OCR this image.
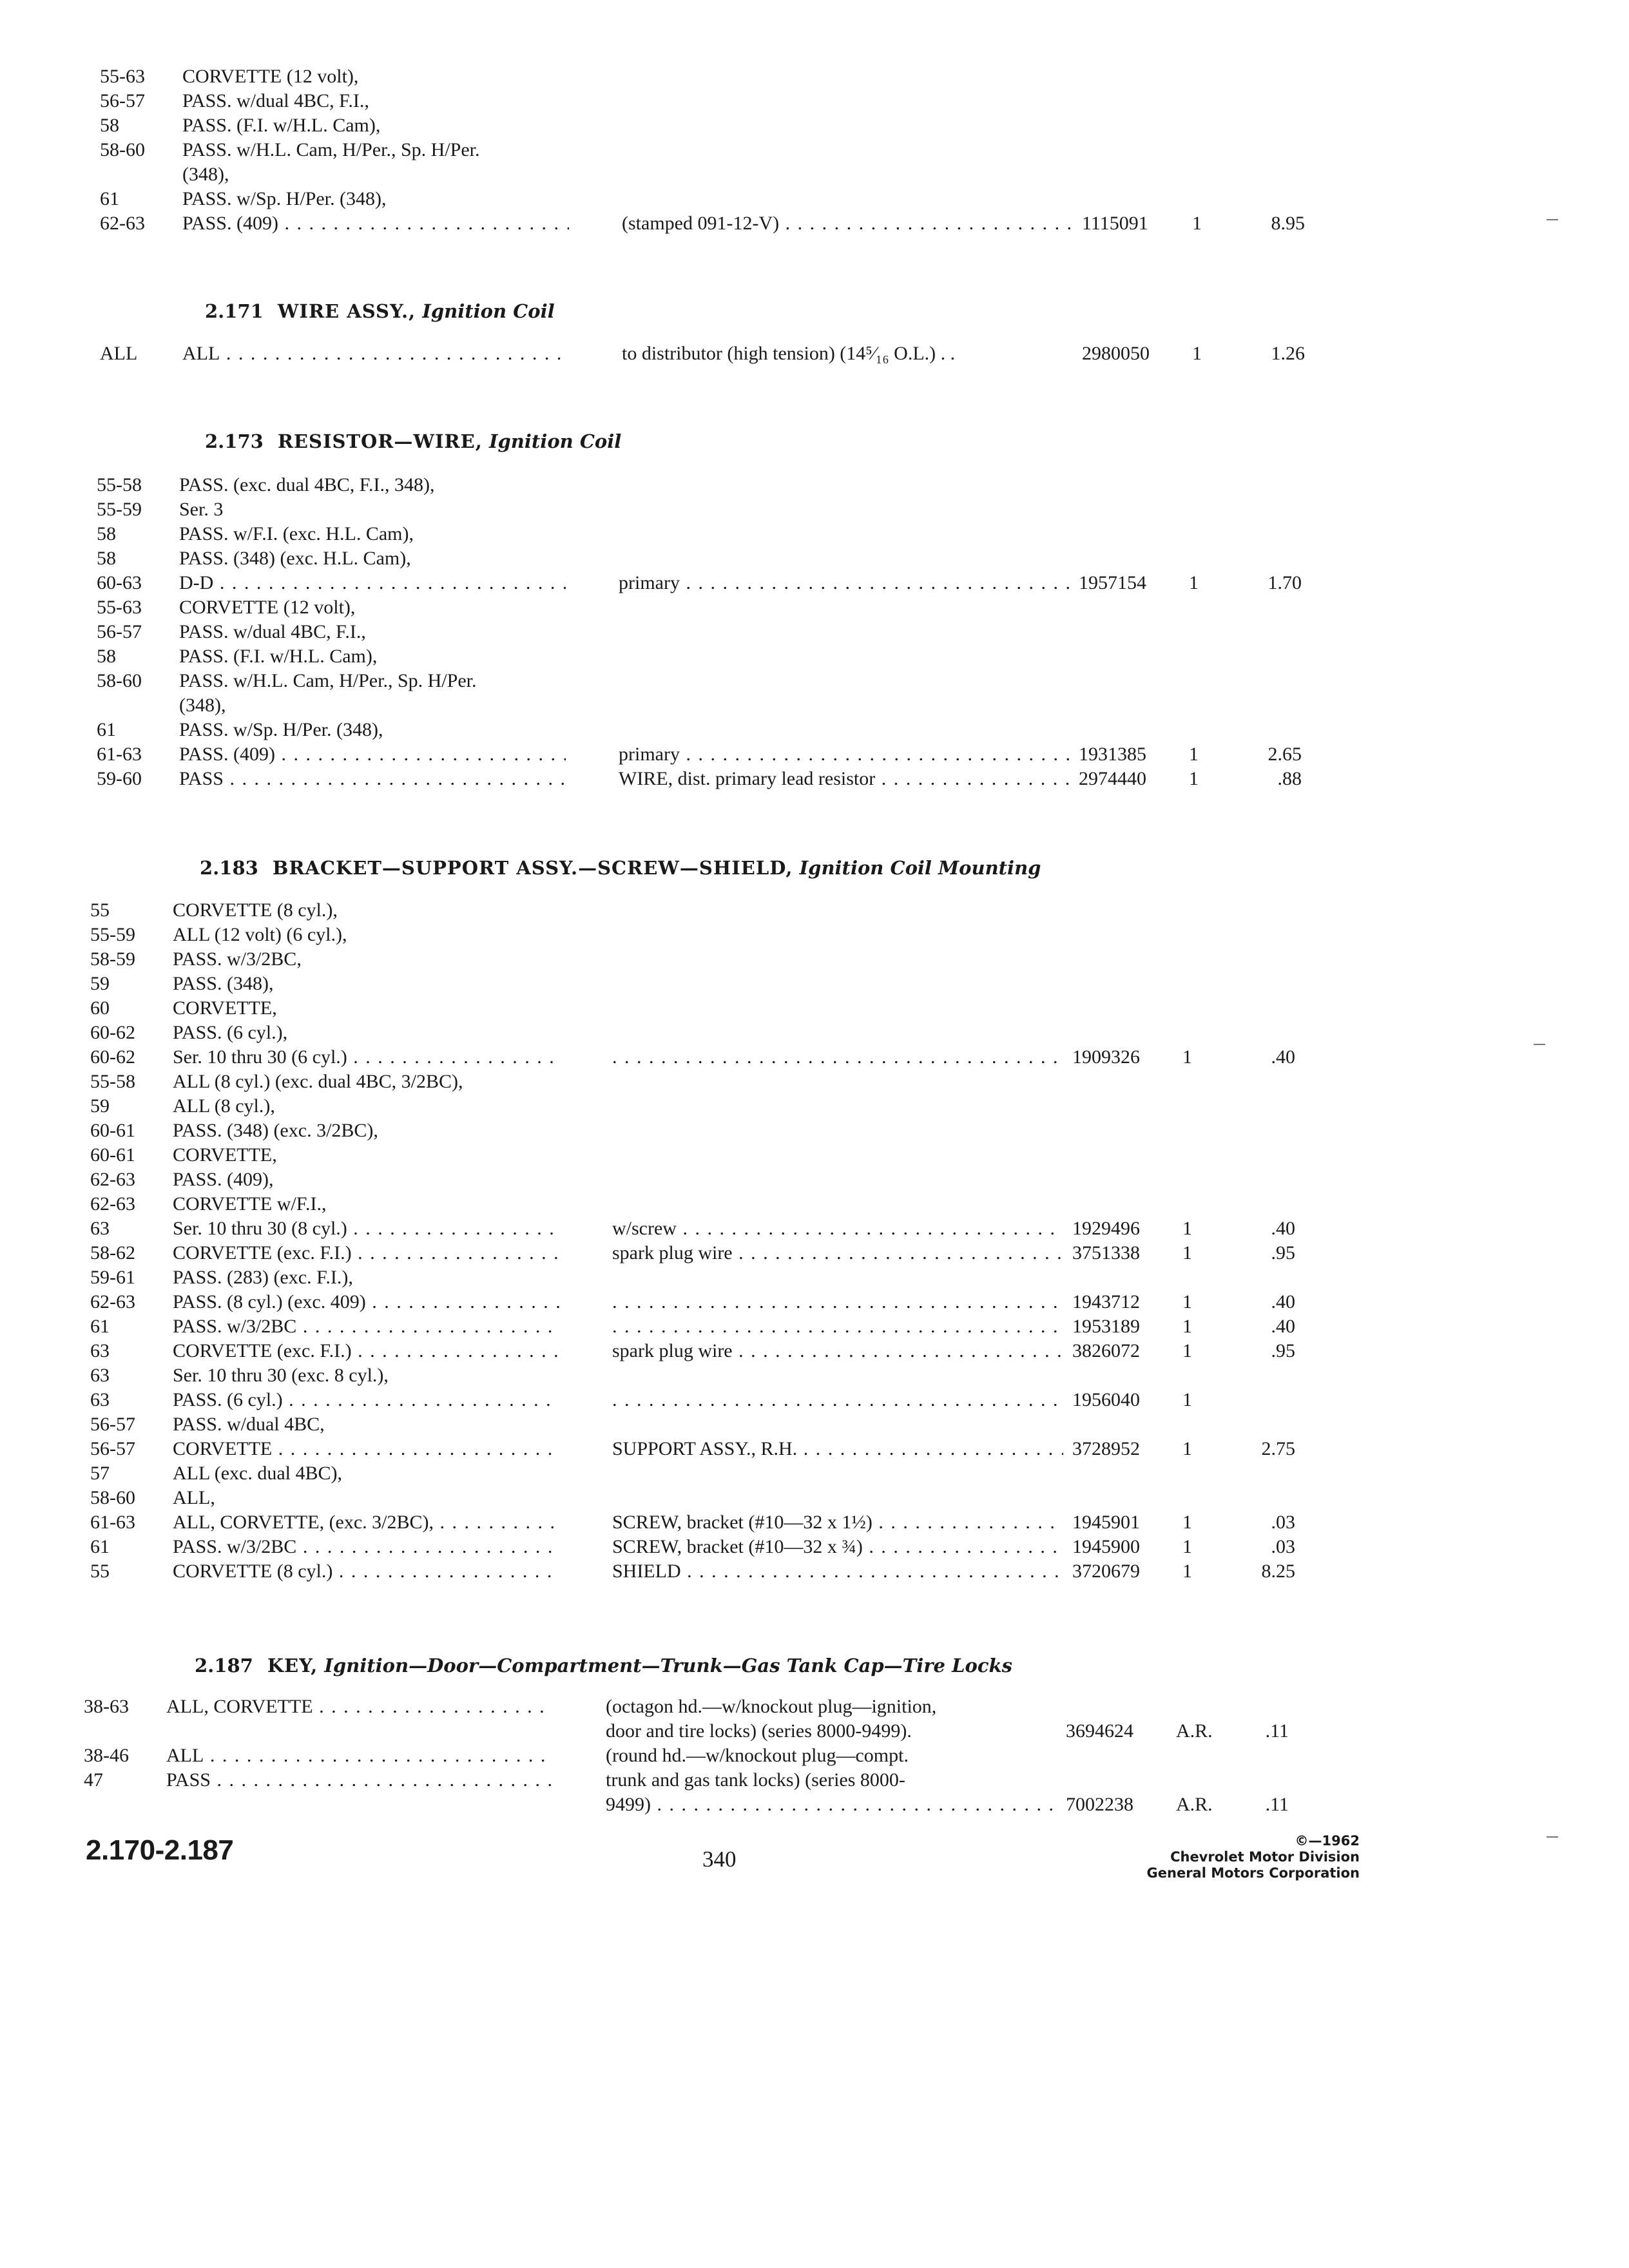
55-63 CORVETTE (12 volt),
56-57 PASS. w/dual 4BC, F.I.,
58	PASS. (F.I. w/H.L. Cam),
58-60 PASS. w/H.L. Cam, H/Per., Sp. H/Per.
(348),
61	PASS. w/Sp. H/Per. (348),
62-63 PASS. (409) . . .	(stamped 091-12-V) . . .	1115091 1	8.95
2.171 WIRE ASSY., Ignition Coil
ALL ALL . . .	to distributor (high tension) (14⁵⁄₁₆ O.L.) . .	2980050 1	1.26
2.173 RESISTOR—WIRE, Ignition Coil
55-58 PASS. (exc. dual 4BC, F.I., 348),
55-59 Ser. 3
58	PASS. w/F.I. (exc. H.L. Cam),
58	PASS. (348) (exc. H.L. Cam),
60-63 D-D . . .	primary . . .	1957154 1	1.70
55-63 CORVETTE (12 volt),
56-57 PASS. w/dual 4BC, F.I.,
58	PASS. (F.I. w/H.L. Cam),
58-60 PASS. w/H.L. Cam, H/Per., Sp. H/Per.
(348),
61	PASS. w/Sp. H/Per. (348),
61-63 PASS. (409) . . .	primary . . .	1931385 1	2.65
59-60 PASS . . .	WIRE, dist. primary lead resistor . . .	2974440 1	.88
2.183 BRACKET—SUPPORT ASSY.—SCREW—SHIELD, Ignition Coil Mounting
55	CORVETTE (8 cyl.),
55-59 ALL (12 volt) (6 cyl.),
58-59 PASS. w/3/2BC,
59	PASS. (348),
60	CORVETTE,
60-62 PASS. (6 cyl.),
60-62 Ser. 10 thru 30 (6 cyl.) . . . . . .	1909326 1	.40
55-58 ALL (8 cyl.) (exc. dual 4BC, 3/2BC),
59	ALL (8 cyl.),
60-61 PASS. (348) (exc. 3/2BC),
60-61 CORVETTE,
62-63 PASS. (409),
62-63 CORVETTE w/F.I.,
63	Ser. 10 thru 30 (8 cyl.) . . .	w/screw . . .	1929496 1	.40
58-62 CORVETTE (exc. F.I.) . . .	spark plug wire . . .	3751338 1	.95
59-61 PASS. (283) (exc. F.I.),
62-63 PASS. (8 cyl.) (exc. 409) . . . . . .	1943712 1	.40
61	PASS. w/3/2BC . . . . . .	1953189 1	.40
63	CORVETTE (exc. F.I.) . . .	spark plug wire . . .	3826072 1	.95
63	Ser. 10 thru 30 (exc. 8 cyl.),
63	PASS. (6 cyl.) . . . . . .	1956040 1
56-57 PASS. w/dual 4BC,
56-57 CORVETTE . . .	SUPPORT ASSY., R.H. . . .	3728952 1	2.75
57	ALL (exc. dual 4BC),
58-60 ALL,
61-63 ALL, CORVETTE, (exc. 3/2BC), . . .	SCREW, bracket (#10—32 x 1½) . . .	1945901 1	.03
61	PASS. w/3/2BC . . .	SCREW, bracket (#10—32 x ¾) . . .	1945900 1	.03
55	CORVETTE (8 cyl.) . . .	SHIELD . . .	3720679 1	8.25
2.187 KEY, Ignition—Door—Compartment—Trunk—Gas Tank Cap—Tire Locks
38-63 ALL, CORVETTE . . .	(octagon hd.—w/knockout plug—ignition,
door and tire locks) (series 8000-9499).	3694624 A.R.	.11
38-46 ALL . . .	(round hd.—w/knockout plug—compt.
47	PASS . . .	trunk and gas tank locks) (series 8000-
9499) . . .	7002238 A.R.	.11
2.170-2.187	340
©—1962
Chevrolet Motor Division
General Motors Corporation
